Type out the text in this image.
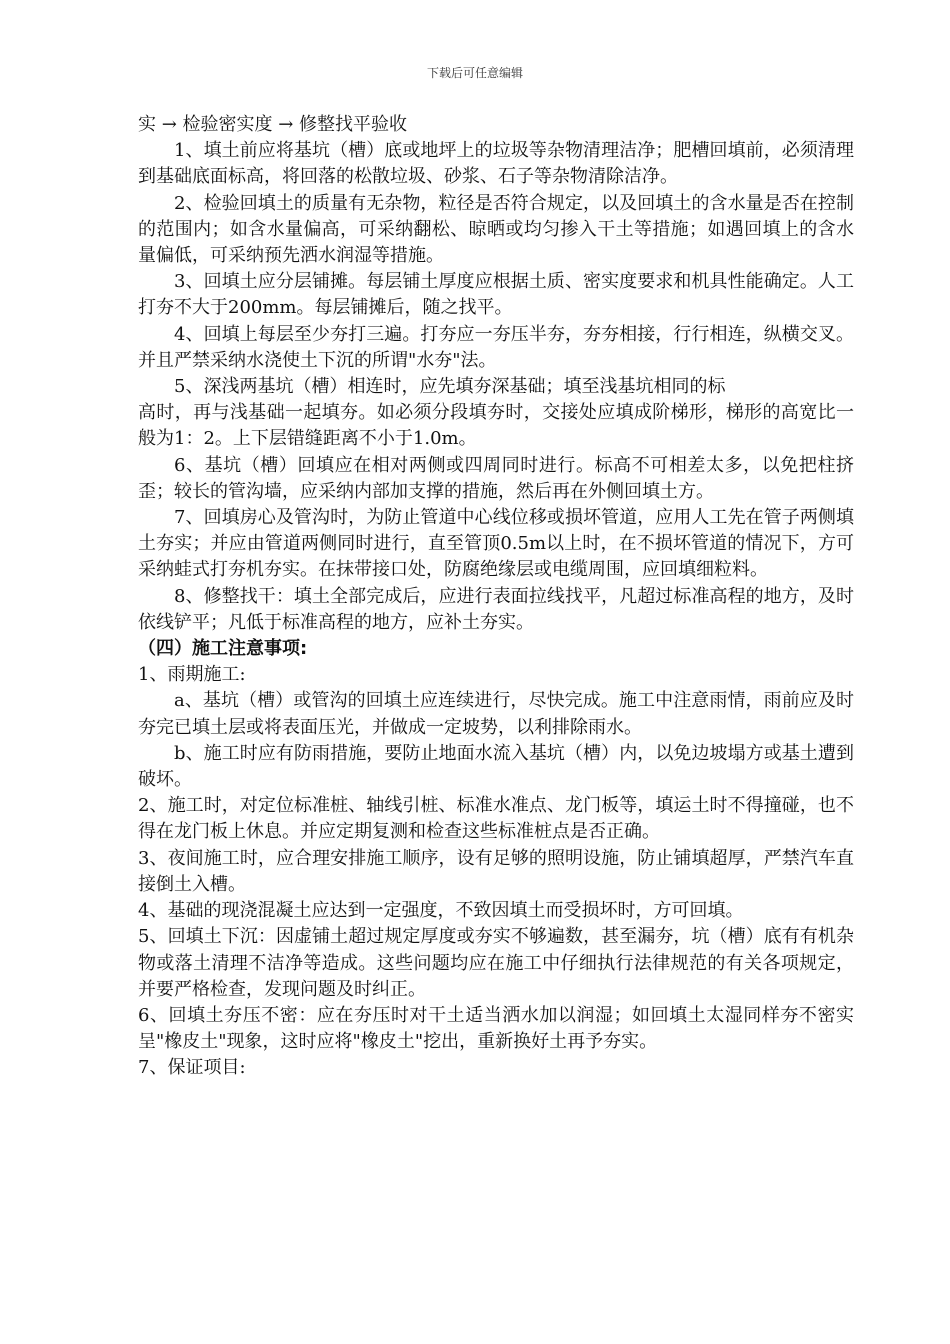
下载后可任意编辑

实 → 检验密实度 → 修整找平验收

1、填土前应将基坑（槽）底或地坪上的垃圾等杂物清理洁净；肥槽回填前，必须清理到基础底面标高，将回落的松散垃圾、砂浆、石子等杂物清除洁净。

2、检验回填土的质量有无杂物，粒径是否符合规定，以及回填土的含水量是否在控制的范围内；如含水量偏高，可采纳翻松、晾晒或均匀掺入干土等措施；如遇回填上的含水量偏低，可采纳预先洒水润湿等措施。

3、回填土应分层铺摊。每层铺土厚度应根据土质、密实度要求和机具性能确定。人工打夯不大于200mm。每层铺摊后，随之找平。

4、回填上每层至少夯打三遍。打夯应一夯压半夯，夯夯相接，行行相连，纵横交叉。并且严禁采纳水浇使土下沉的所谓"水夯"法。

5、深浅两基坑（槽）相连时，应先填夯深基础；填至浅基坑相同的标

高时，再与浅基础一起填夯。如必须分段填夯时，交接处应填成阶梯形，梯形的高宽比一般为1：2。上下层错缝距离不小于1.0m。

6、基坑（槽）回填应在相对两侧或四周同时进行。标高不可相差太多，以免把柱挤歪；较长的管沟墙，应采纳内部加支撑的措施，然后再在外侧回填土方。

7、回填房心及管沟时，为防止管道中心线位移或损坏管道，应用人工先在管子两侧填土夯实；并应由管道两侧同时进行，直至管顶0.5m以上时，在不损坏管道的情况下，方可采纳蛙式打夯机夯实。在抹带接口处，防腐绝缘层或电缆周围，应回填细粒料。

8、修整找干：填土全部完成后，应进行表面拉线找平，凡超过标准高程的地方，及时依线铲平；凡低于标准高程的地方，应补土夯实。

（四）施工注意事项:

1、雨期施工:

a、基坑（槽）或管沟的回填土应连续进行，尽快完成。施工中注意雨情，雨前应及时夯完已填土层或将表面压光，并做成一定坡势，以利排除雨水。

b、施工时应有防雨措施，要防止地面水流入基坑（槽）内，以免边坡塌方或基土遭到破坏。

2、施工时，对定位标准桩、轴线引桩、标准水准点、龙门板等，填运土时不得撞碰，也不得在龙门板上休息。并应定期复测和检查这些标准桩点是否正确。

3、夜间施工时，应合理安排施工顺序，设有足够的照明设施，防止铺填超厚，严禁汽车直接倒土入槽。

4、基础的现浇混凝土应达到一定强度，不致因填土而受损坏时，方可回填。

5、回填土下沉：因虚铺土超过规定厚度或夯实不够遍数，甚至漏夯，坑（槽）底有有机杂物或落土清理不洁净等造成。这些问题均应在施工中仔细执行法律规范的有关各项规定，并要严格检查，发现问题及时纠正。

6、回填土夯压不密：应在夯压时对干土适当洒水加以润湿；如回填土太湿同样夯不密实呈"橡皮土"现象，这时应将"橡皮土"挖出，重新换好土再予夯实。

7、保证项目:
